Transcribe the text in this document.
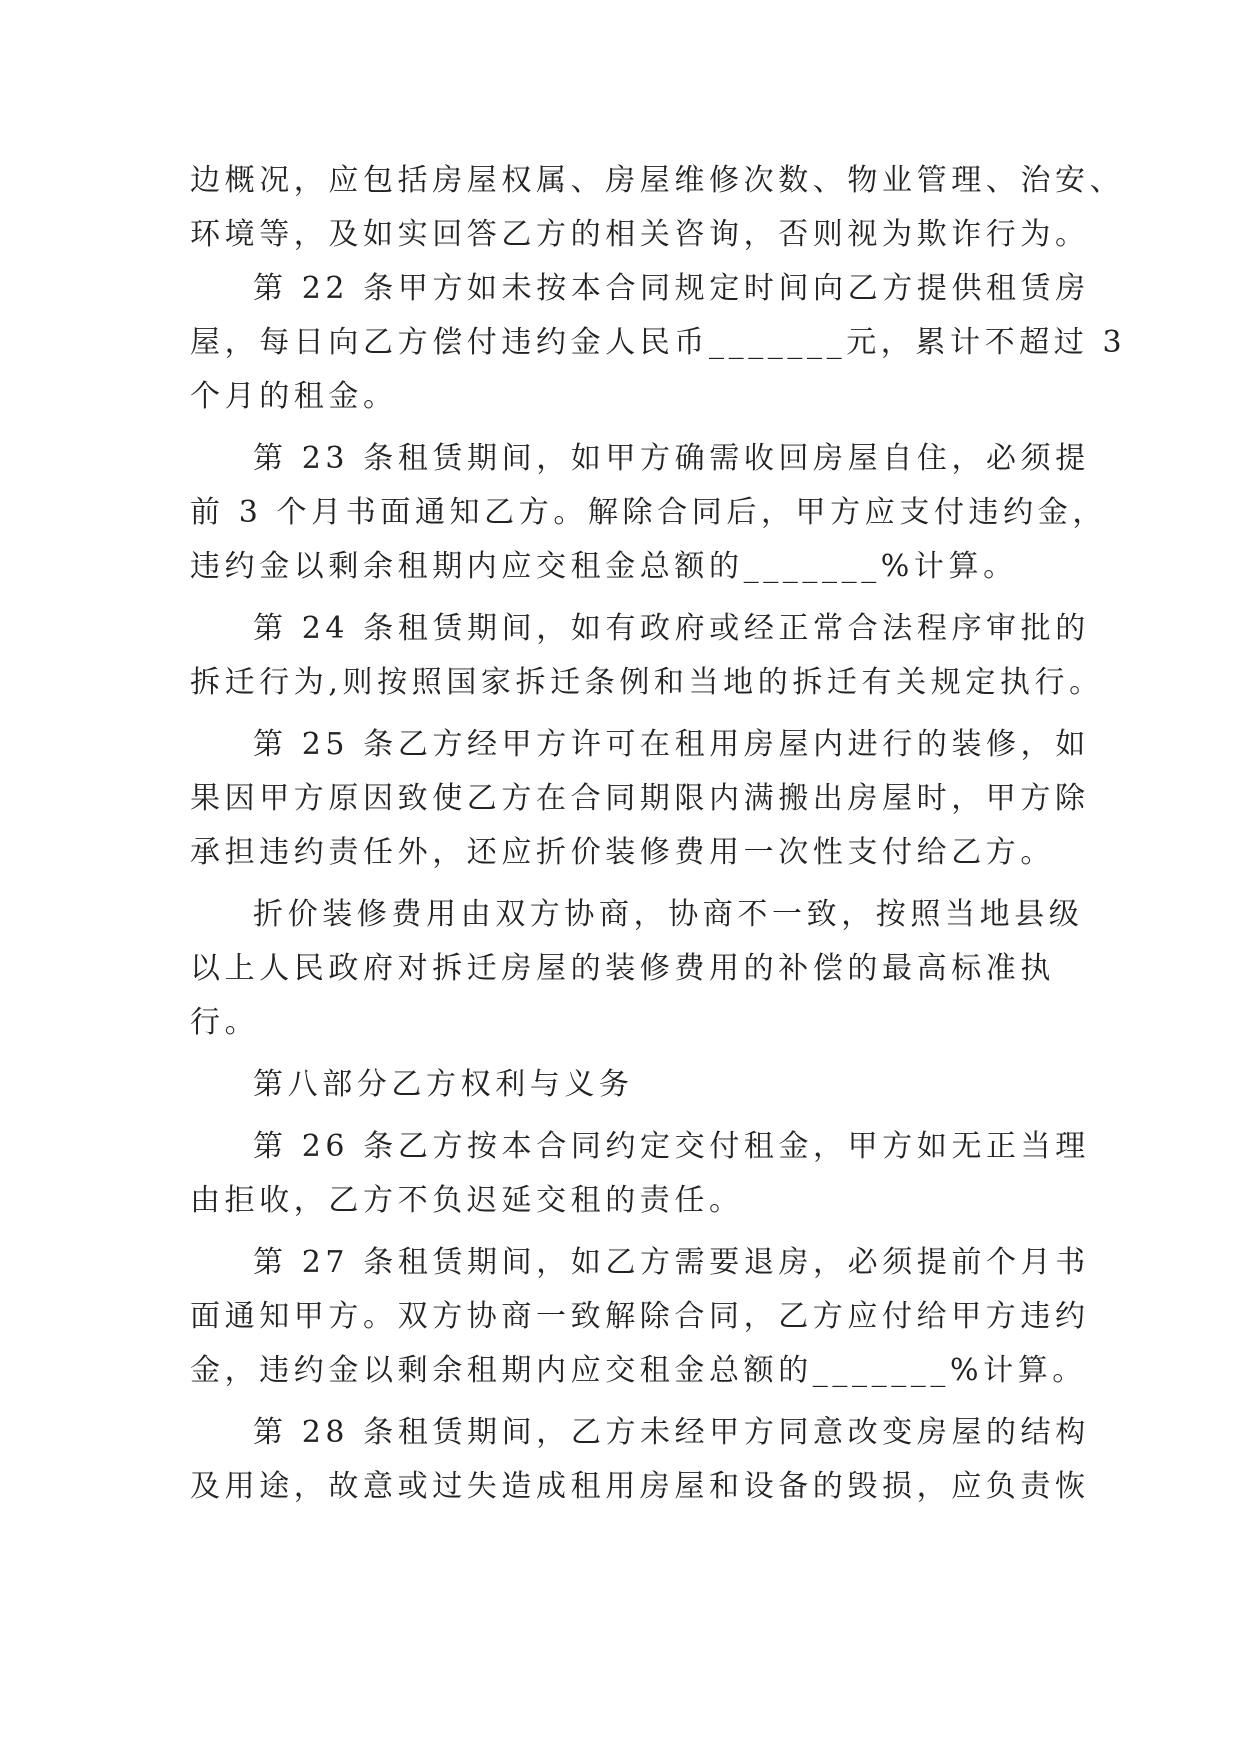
边概况，应包括房屋权属、房屋维修次数、物业管理、治安、
环境等，及如实回答乙方的相关咨询，否则视为欺诈行为。
第 22 条甲方如未按本合同规定时间向乙方提供租赁房
屋，每日向乙方偿付违约金人民币_______元，累计不超过 3
个月的租金。
第 23 条租赁期间，如甲方确需收回房屋自住，必须提
前 3 个月书面通知乙方。解除合同后，甲方应支付违约金，
违约金以剩余租期内应交租金总额的_______%计算。
第 24 条租赁期间，如有政府或经正常合法程序审批的
拆迁行为,则按照国家拆迁条例和当地的拆迁有关规定执行。
第 25 条乙方经甲方许可在租用房屋内进行的装修，如
果因甲方原因致使乙方在合同期限内满搬出房屋时，甲方除
承担违约责任外，还应折价装修费用一次性支付给乙方。
折价装修费用由双方协商，协商不一致，按照当地县级
以上人民政府对拆迁房屋的装修费用的补偿的最高标准执
行。
第八部分乙方权利与义务
第 26 条乙方按本合同约定交付租金，甲方如无正当理
由拒收，乙方不负迟延交租的责任。
第 27 条租赁期间，如乙方需要退房，必须提前个月书
面通知甲方。双方协商一致解除合同，乙方应付给甲方违约
金，违约金以剩余租期内应交租金总额的_______%计算。
第 28 条租赁期间，乙方未经甲方同意改变房屋的结构
及用途，故意或过失造成租用房屋和设备的毁损，应负责恢
